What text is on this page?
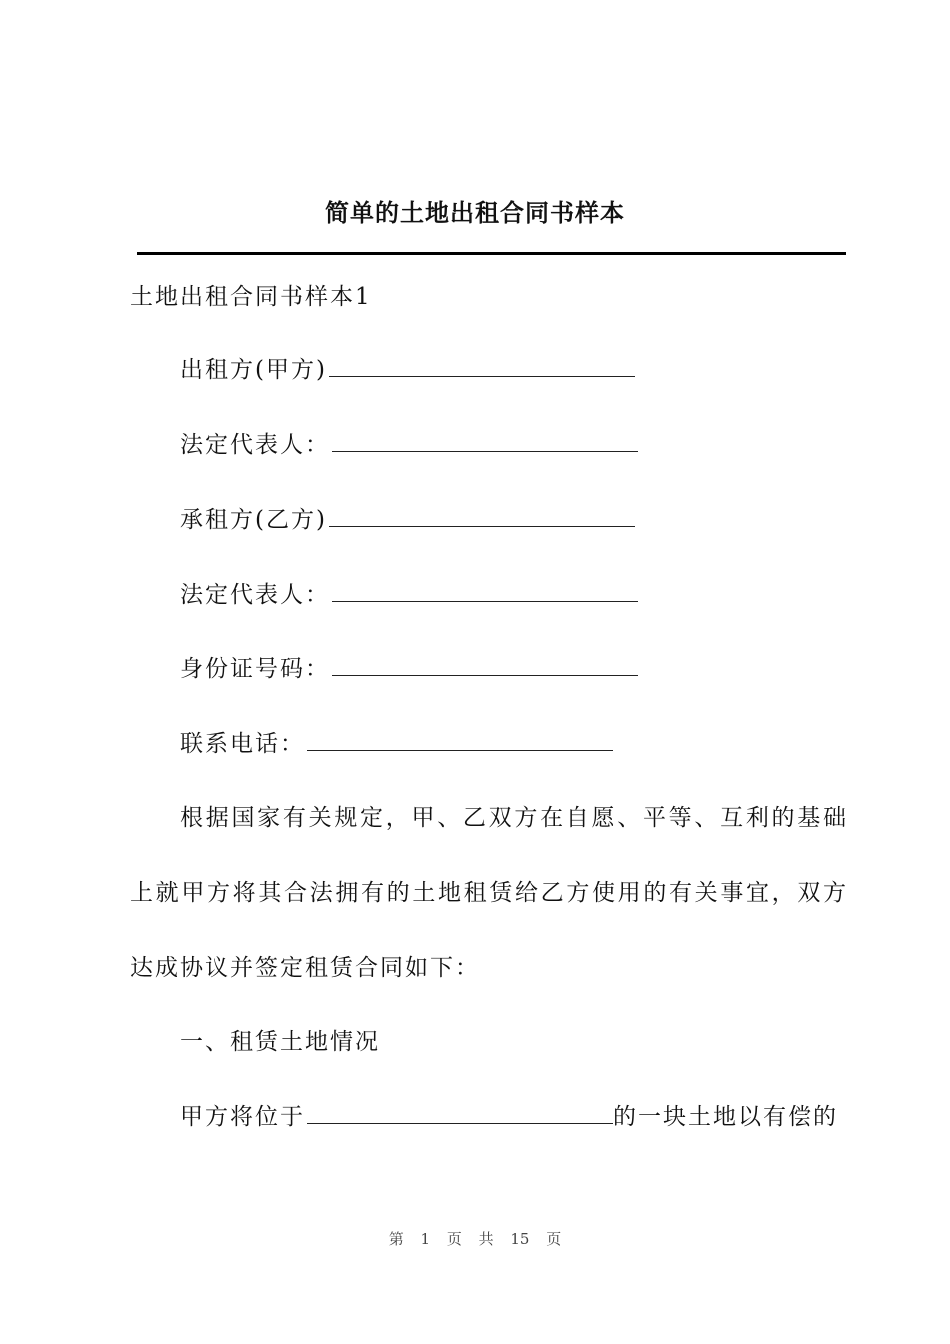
简单的土地出租合同书样本
土地出租合同书样本1
出租方(甲方)
法定代表人：
承租方(乙方)
法定代表人：
身份证号码：
联系电话：
根据国家有关规定，甲、乙双方在自愿、平等、互利的基础
上就甲方将其合法拥有的土地租赁给乙方使用的有关事宜，双方
达成协议并签定租赁合同如下：
一、租赁土地情况
甲方将位于	的一块土地以有偿的
第 1 页 共 15 页
